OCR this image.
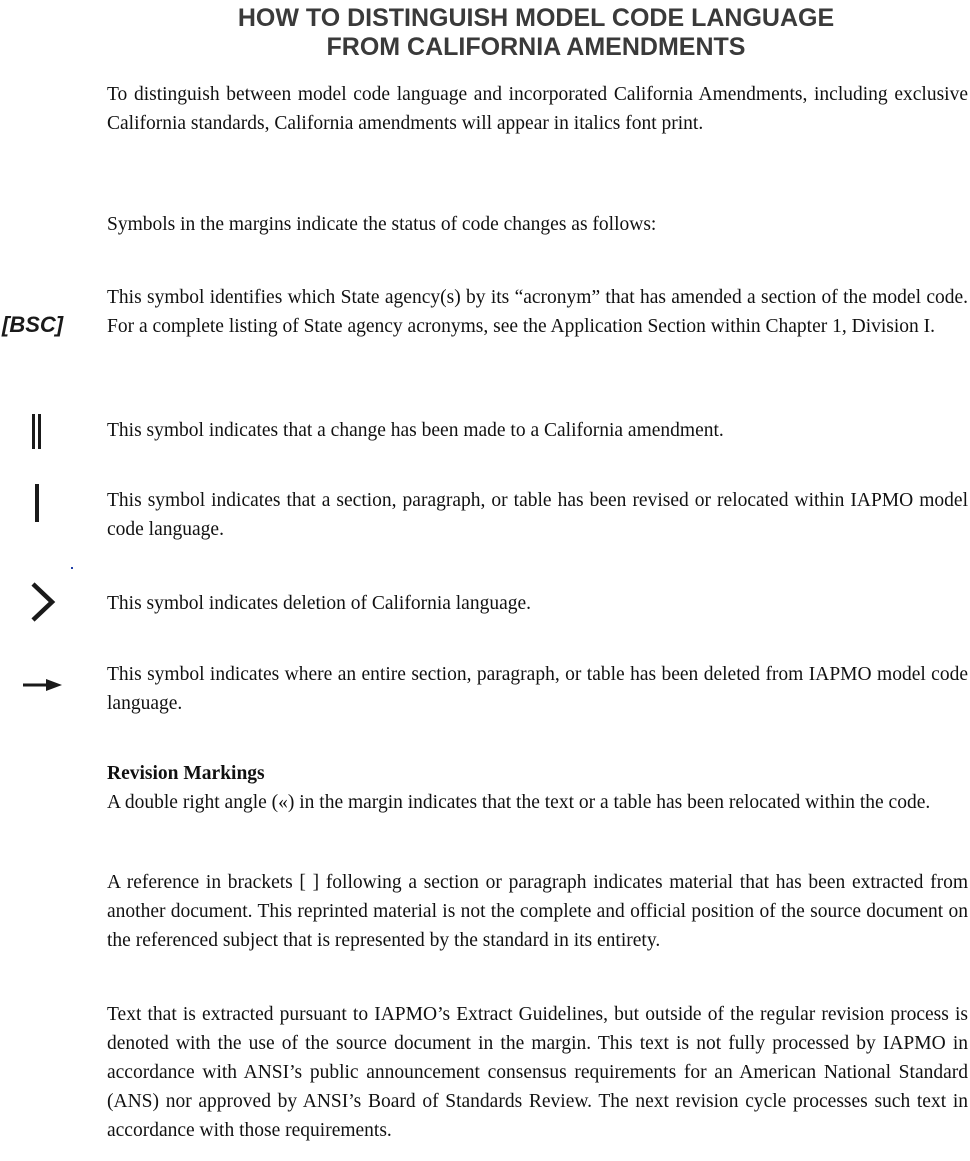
HOW TO DISTINGUISH MODEL CODE LANGUAGE
FROM CALIFORNIA AMENDMENTS

To distinguish between model code language and incorporated California Amendments, including exclusive California standards, California amendments will appear in italics font print.

Symbols in the margins indicate the status of code changes as follows:

[BSC]

This symbol identifies which State agency(s) by its “acronym” that has amended a section of the model code. For a complete listing of State agency acronyms, see the Application Section within Chapter 1, Division I.

This symbol indicates that a change has been made to a California amendment.

This symbol indicates that a section, paragraph, or table has been revised or relocated within IAPMO model code language.

This symbol indicates deletion of California language.

This symbol indicates where an entire section, paragraph, or table has been deleted from IAPMO model code language.

Revision Markings
A double right angle («) in the margin indicates that the text or a table has been relocated within the code.

A reference in brackets [ ] following a section or paragraph indicates material that has been extracted from another document. This reprinted material is not the complete and official position of the source document on the referenced subject that is represented by the standard in its entirety.

Text that is extracted pursuant to IAPMO’s Extract Guidelines, but outside of the regular revision process is denoted with the use of the source document in the margin. This text is not fully processed by IAPMO in accordance with ANSI’s public announcement consensus requirements for an American National Standard (ANS) nor approved by ANSI’s Board of Standards Review. The next revision cycle processes such text in accordance with those requirements.
